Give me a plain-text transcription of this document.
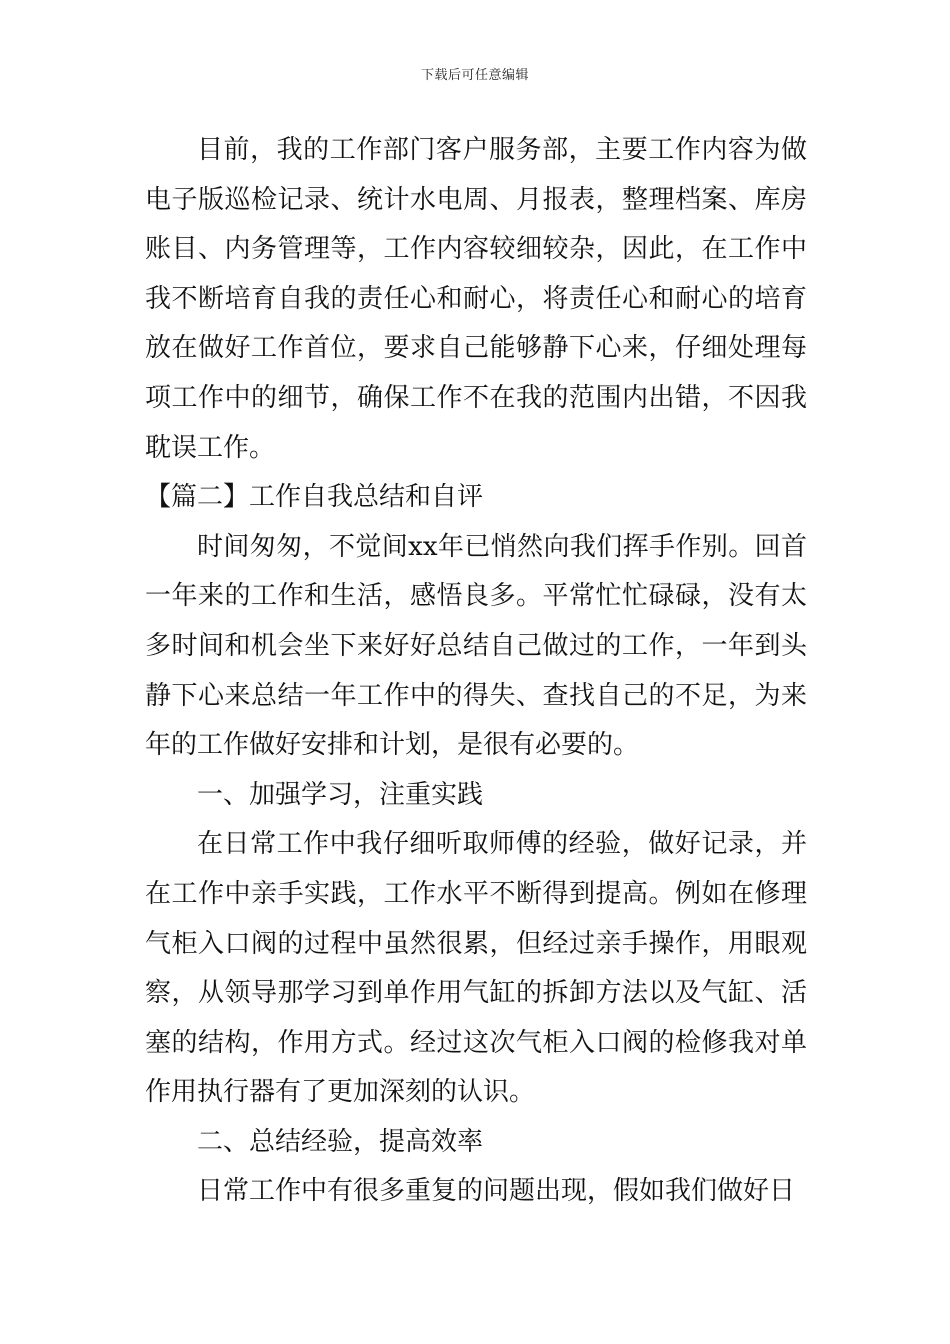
下载后可任意编辑

目前，我的工作部门客户服务部，主要工作内容为做电子版巡检记录、统计水电周、月报表，整理档案、库房账目、内务管理等，工作内容较细较杂，因此，在工作中我不断培育自我的责任心和耐心，将责任心和耐心的培育放在做好工作首位，要求自己能够静下心来，仔细处理每项工作中的细节，确保工作不在我的范围内出错，不因我耽误工作。

【篇二】工作自我总结和自评

时间匆匆，不觉间xx年已悄然向我们挥手作别。回首一年来的工作和生活，感悟良多。平常忙忙碌碌，没有太多时间和机会坐下来好好总结自己做过的工作，一年到头静下心来总结一年工作中的得失、查找自己的不足，为来年的工作做好安排和计划，是很有必要的。

一、加强学习，注重实践

在日常工作中我仔细听取师傅的经验，做好记录，并在工作中亲手实践，工作水平不断得到提高。例如在修理气柜入口阀的过程中虽然很累，但经过亲手操作，用眼观察，从领导那学习到单作用气缸的拆卸方法以及气缸、活塞的结构，作用方式。经过这次气柜入口阀的检修我对单作用执行器有了更加深刻的认识。

二、总结经验，提高效率

日常工作中有很多重复的问题出现，假如我们做好日
